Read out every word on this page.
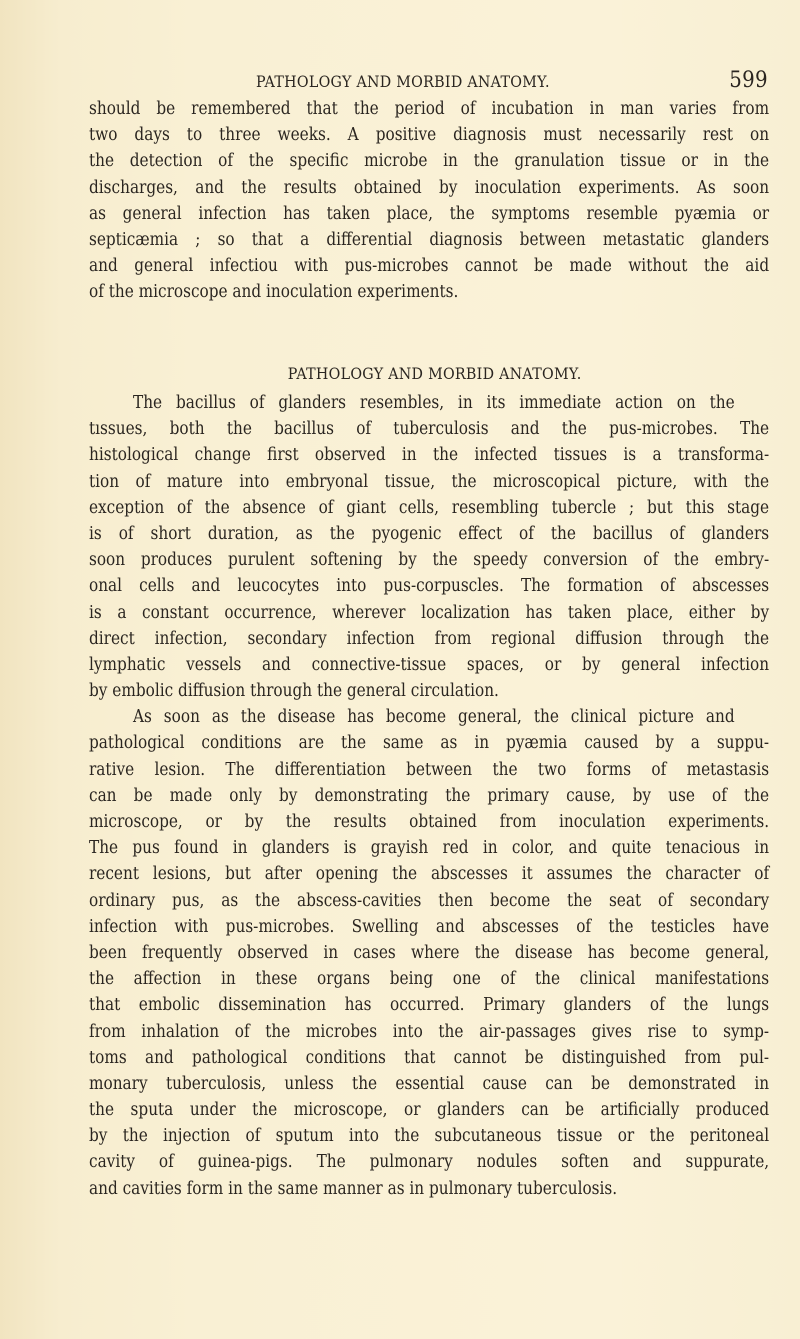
PATHOLOGY AND MORBID ANATOMY.	599
should be remembered that the period of incubation in man varies from
two days to three weeks. A positive diagnosis must necessarily rest on
the detection of the specific microbe in the granulation tissue or in the
discharges, and the results obtained by inoculation experiments. As soon
as general infection has taken place, the symptoms resemble pyæmia or
septicæmia ; so that a differential diagnosis between metastatic glanders
and general infectiou with pus-microbes cannot be made without the aid
of the microscope and inoculation experiments.
PATHOLOGY AND MORBID ANATOMY.
The bacillus of glanders resembles, in its immediate action on the
tıssues, both the bacillus of tuberculosis and the pus-microbes. The
histological change first observed in the infected tissues is a transforma-
tion of mature into embryonal tissue, the microscopical picture, with the
exception of the absence of giant cells, resembling tubercle ; but this stage
is of short duration, as the pyogenic effect of the bacillus of glanders
soon produces purulent softening by the speedy conversion of the embry-
onal cells and leucocytes into pus-corpuscles. The formation of abscesses
is a constant occurrence, wherever localization has taken place, either by
direct infection, secondary infection from regional diffusion through the
lymphatic vessels and connective-tissue spaces, or by general infection
by embolic diffusion through the general circulation.
As soon as the disease has become general, the clinical picture and
pathological conditions are the same as in pyæmia caused by a suppu-
rative lesion. The differentiation between the two forms of metastasis
can be made only by demonstrating the primary cause, by use of the
microscope, or by the results obtained from inoculation experiments.
The pus found in glanders is grayish red in color, and quite tenacious in
recent lesions, but after opening the abscesses it assumes the character of
ordinary pus, as the abscess-cavities then become the seat of secondary
infection with pus-microbes. Swelling and abscesses of the testicles have
been frequently observed in cases where the disease has become general,
the affection in these organs being one of the clinical manifestations
that embolic dissemination has occurred. Primary glanders of the lungs
from inhalation of the microbes into the air-passages gives rise to symp-
toms and pathological conditions that cannot be distinguished from pul-
monary tuberculosis, unless the essential cause can be demonstrated in
the sputa under the microscope, or glanders can be artificially produced
by the injection of sputum into the subcutaneous tissue or the peritoneal
cavity of guinea-pigs. The pulmonary nodules soften and suppurate,
and cavities form in the same manner as in pulmonary tuberculosis.
